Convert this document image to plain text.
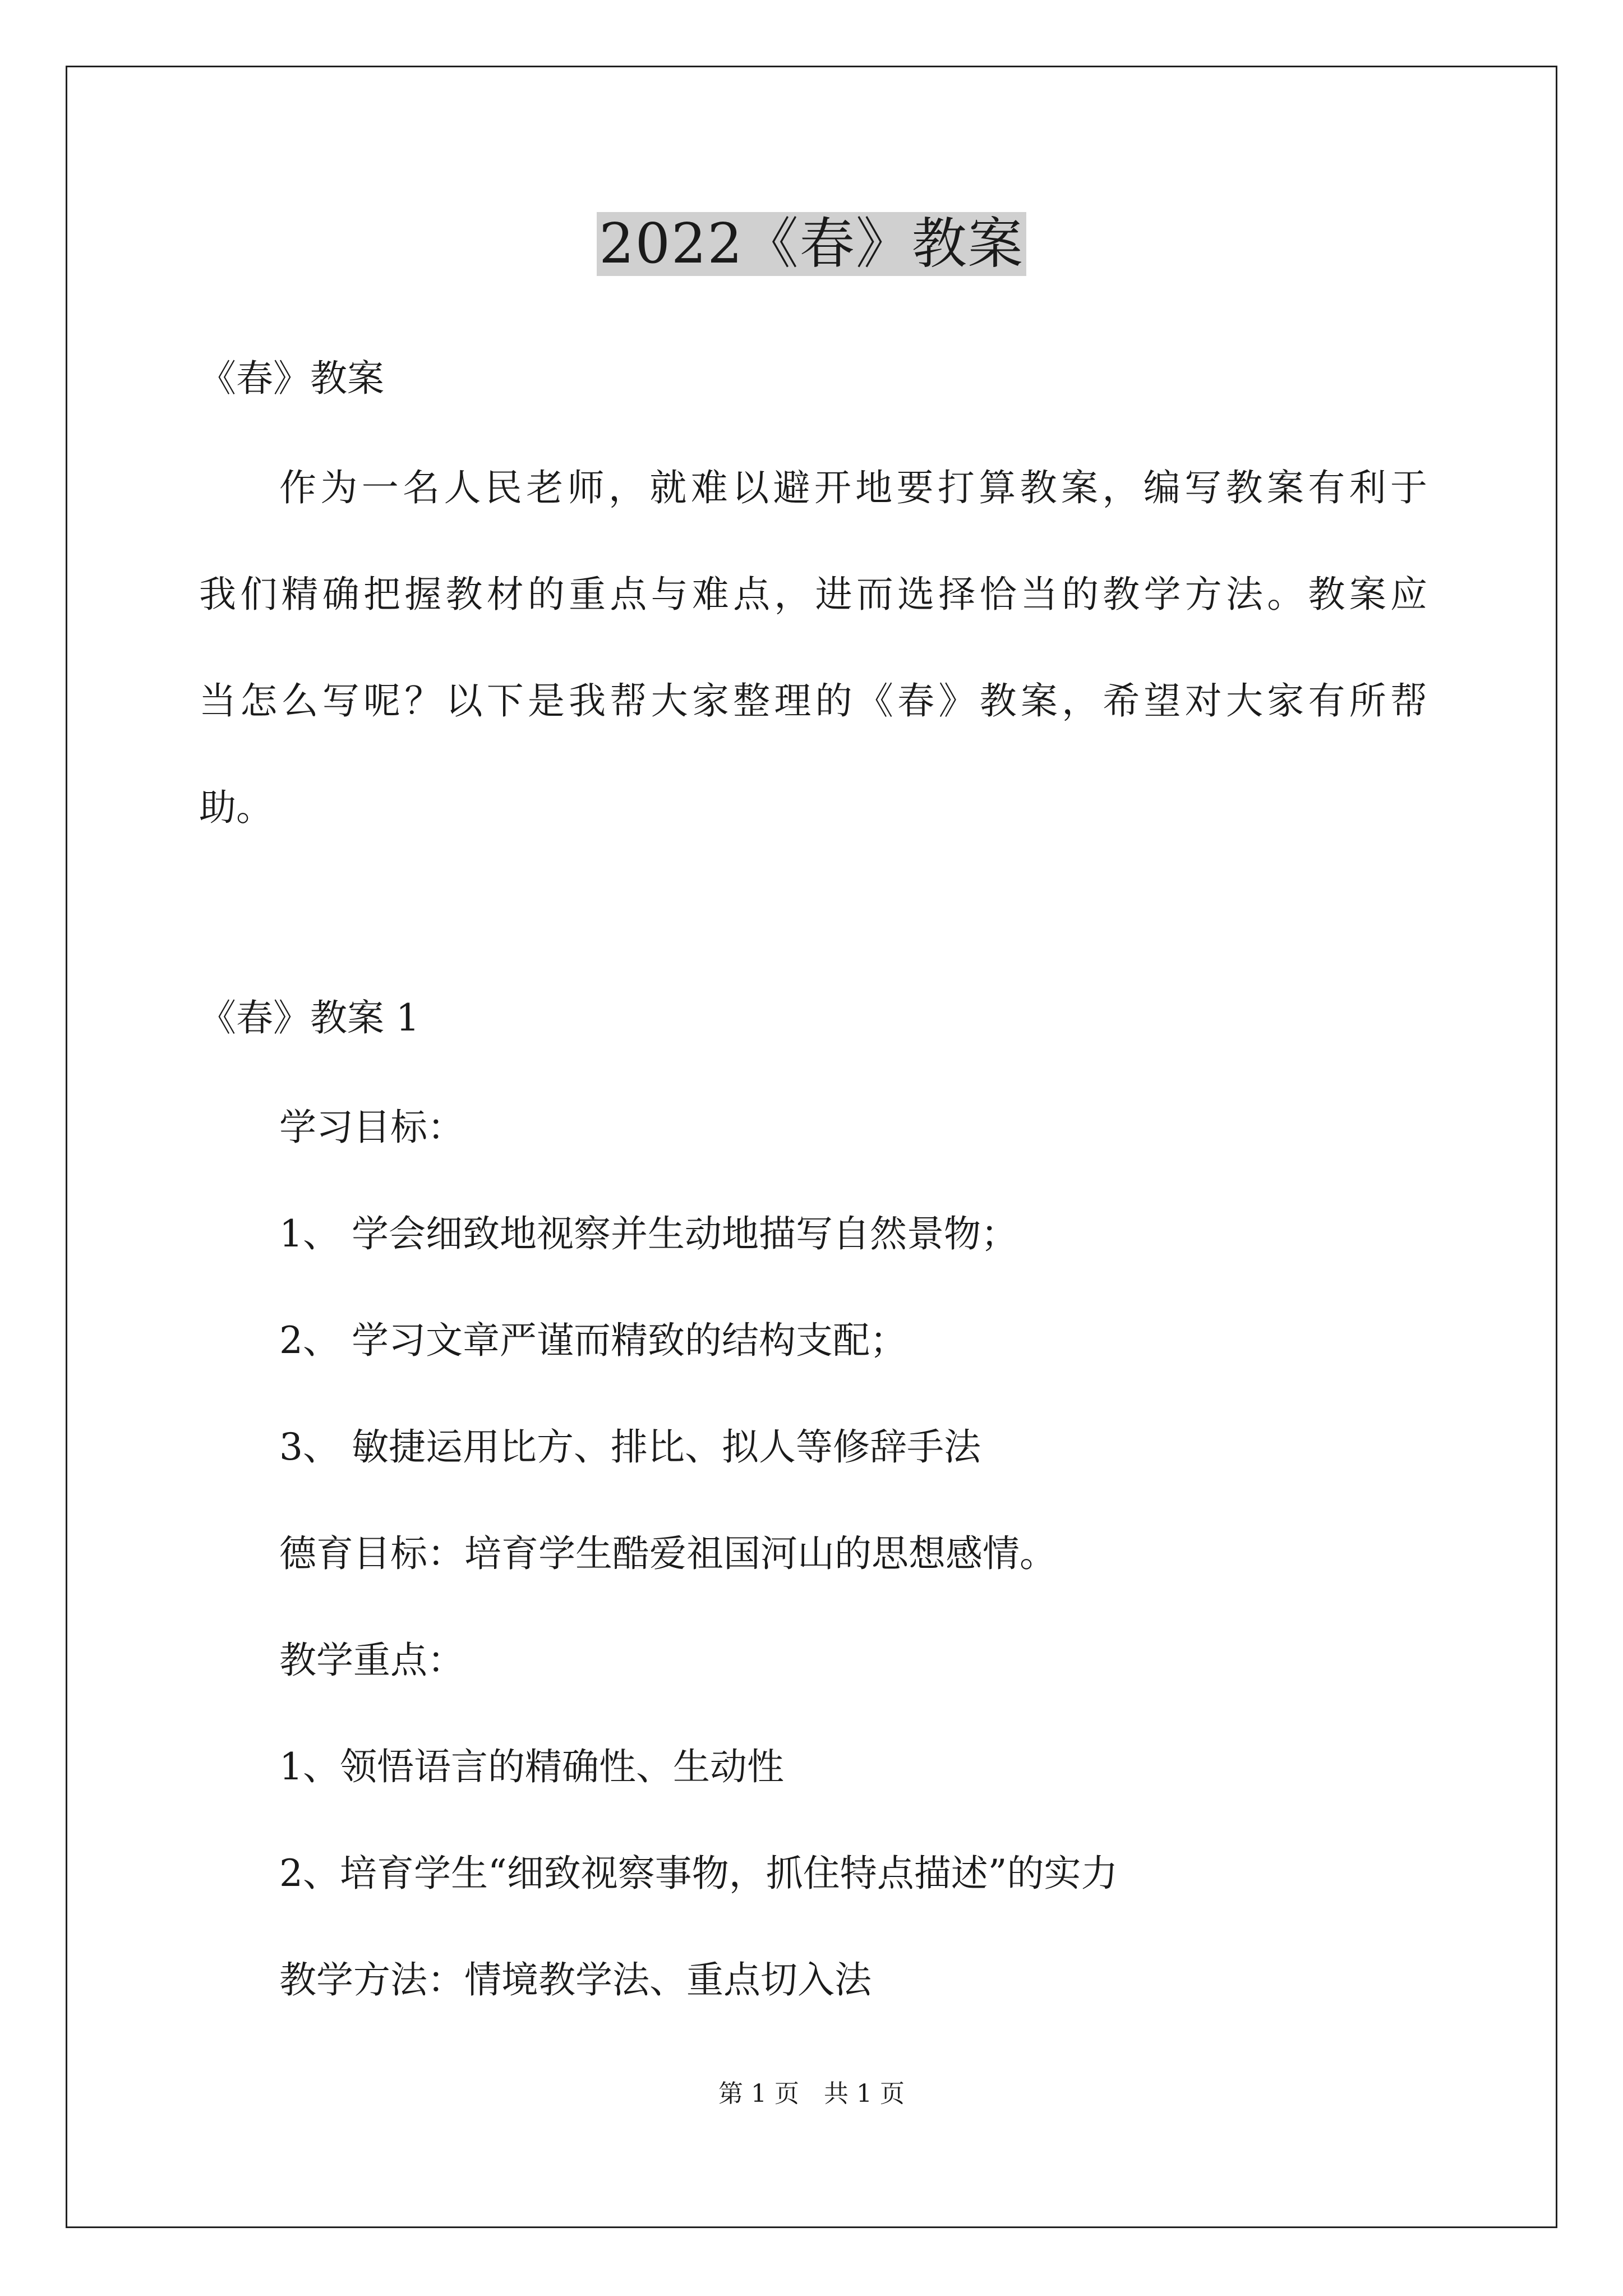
2022《春》教案
《春》教案
作为一名人民老师，就难以避开地要打算教案，编写教案有利于
我们精确把握教材的重点与难点，进而选择恰当的教学方法。教案应
当怎么写呢？以下是我帮大家整理的《春》教案，希望对大家有所帮
助。
《春》教案 1
学习目标：
1、 学会细致地视察并生动地描写自然景物；
2、 学习文章严谨而精致的结构支配；
3、 敏捷运用比方、排比、拟人等修辞手法
德育目标：培育学生酷爱祖国河山的思想感情。
教学重点：
1、领悟语言的精确性、生动性
2、培育学生“细致视察事物，抓住特点描述”的实力
教学方法：情境教学法、重点切入法
第 1 页　共 1 页
